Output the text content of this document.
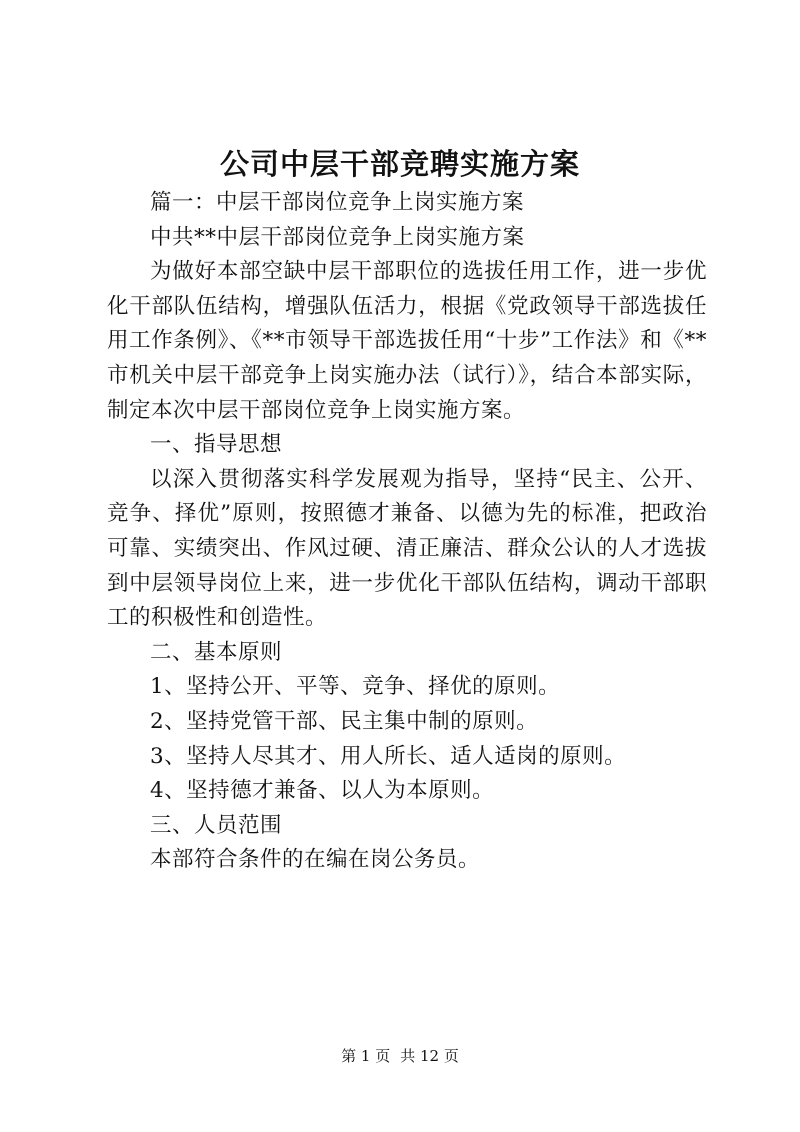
公司中层干部竞聘实施方案

篇一：中层干部岗位竞争上岗实施方案

中共**中层干部岗位竞争上岗实施方案

为做好本部空缺中层干部职位的选拔任用工作，进一步优化干部队伍结构，增强队伍活力，根据《党政领导干部选拔任用工作条例》、《**市领导干部选拔任用“十步”工作法》和《**市机关中层干部竞争上岗实施办法（试行）》，结合本部实际，制定本次中层干部岗位竞争上岗实施方案。

一、指导思想

以深入贯彻落实科学发展观为指导，坚持“民主、公开、竞争、择优”原则，按照德才兼备、以德为先的标准，把政治可靠、实绩突出、作风过硬、清正廉洁、群众公认的人才选拔到中层领导岗位上来，进一步优化干部队伍结构，调动干部职工的积极性和创造性。

二、基本原则

1、坚持公开、平等、竞争、择优的原则。

2、坚持党管干部、民主集中制的原则。

3、坚持人尽其才、用人所长、适人适岗的原则。

4、坚持德才兼备、以人为本原则。

三、人员范围

本部符合条件的在编在岗公务员。

第 1 页 共 12 页
